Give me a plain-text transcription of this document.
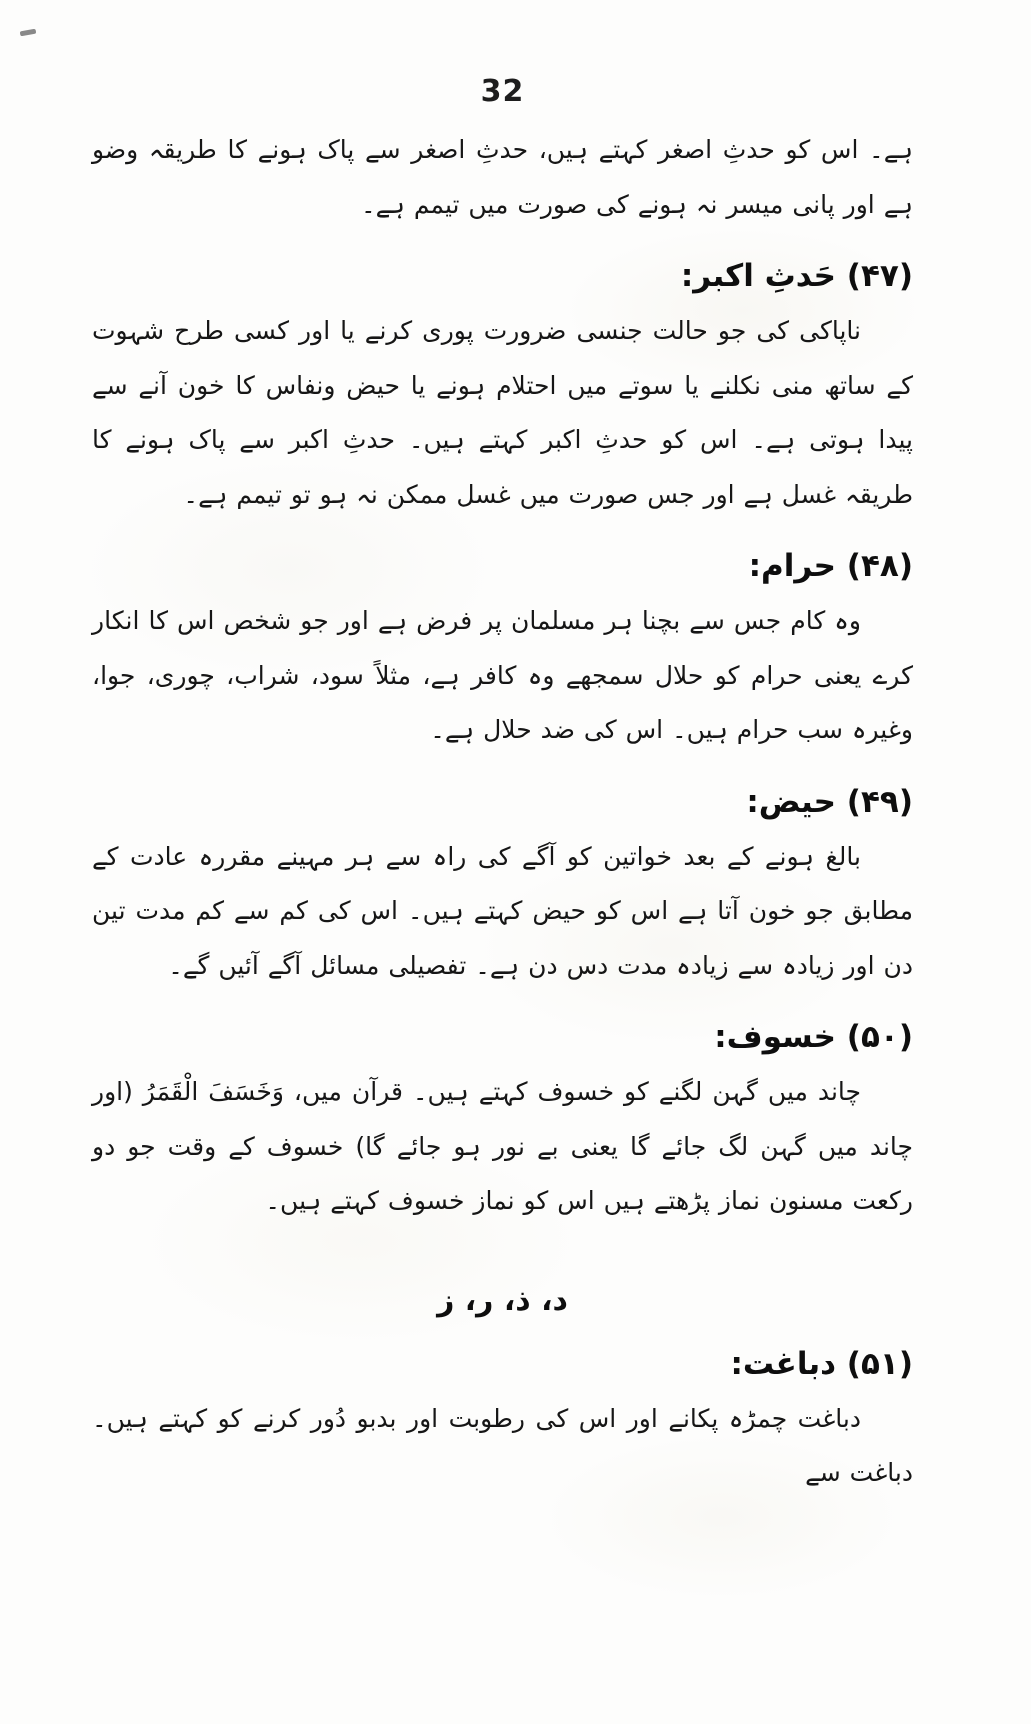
32

ہے۔ اس کو حدثِ اصغر کہتے ہیں، حدثِ اصغر سے پاک ہونے کا طریقہ وضو ہے اور پانی میسر نہ ہونے کی صورت میں تیمم ہے۔

(۴۷) حَدثِ اکبر:

ناپاکی کی جو حالت جنسی ضرورت پوری کرنے یا اور کسی طرح شہوت کے ساتھ منی نکلنے یا سوتے میں احتلام ہونے یا حیض ونفاس کا خون آنے سے پیدا ہوتی ہے۔ اس کو حدثِ اکبر کہتے ہیں۔ حدثِ اکبر سے پاک ہونے کا طریقہ غسل ہے اور جس صورت میں غسل ممکن نہ ہو تو تیمم ہے۔

(۴۸) حرام:

وہ کام جس سے بچنا ہر مسلمان پر فرض ہے اور جو شخص اس کا انکار کرے یعنی حرام کو حلال سمجھے وہ کافر ہے، مثلاً سود، شراب، چوری، جوا، وغیرہ سب حرام ہیں۔ اس کی ضد حلال ہے۔

(۴۹) حیض:

بالغ ہونے کے بعد خواتین کو آگے کی راہ سے ہر مہینے مقررہ عادت کے مطابق جو خون آتا ہے اس کو حیض کہتے ہیں۔ اس کی کم سے کم مدت تین دن اور زیادہ سے زیادہ مدت دس دن ہے۔ تفصیلی مسائل آگے آئیں گے۔

(۵۰) خسوف:

چاند میں گہن لگنے کو خسوف کہتے ہیں۔ قرآن میں، وَخَسَفَ الْقَمَرُ (اور چاند میں گہن لگ جائے گا یعنی بے نور ہو جائے گا) خسوف کے وقت جو دو رکعت مسنون نماز پڑھتے ہیں اس کو نماز خسوف کہتے ہیں۔

د، ذ، ر، ز
(۵۱) دباغت:

دباغت چمڑہ پکانے اور اس کی رطوبت اور بدبو دُور کرنے کو کہتے ہیں۔ دباغت سے
